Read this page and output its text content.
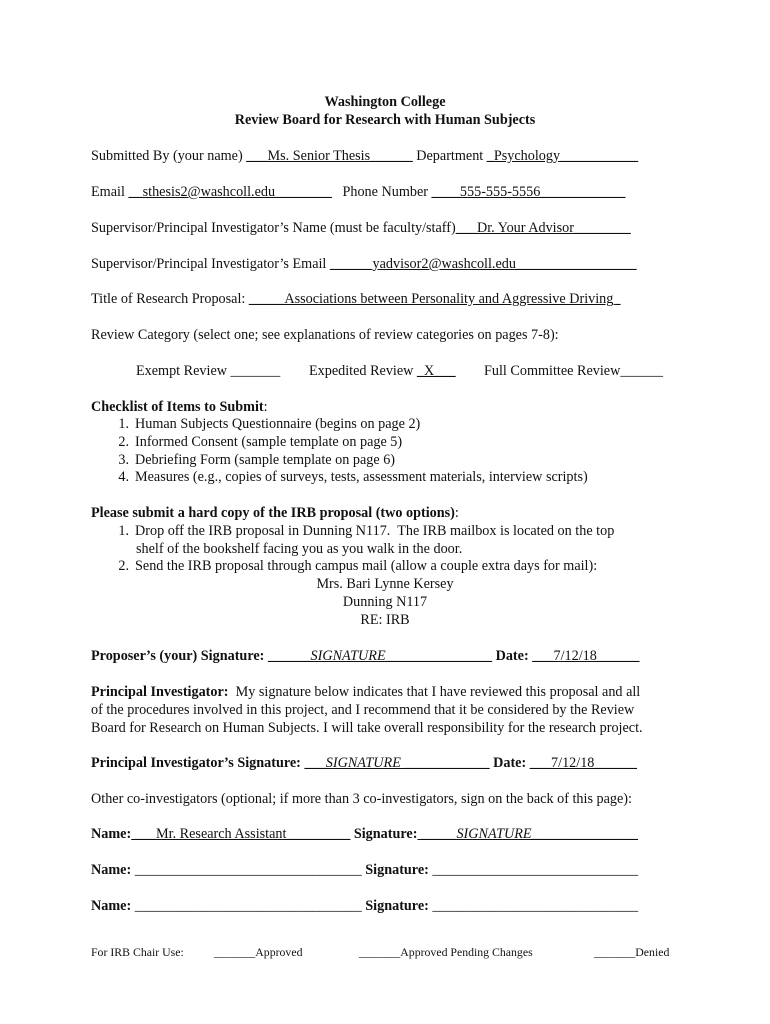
Washington College
Review Board for Research with Human Subjects
Submitted By (your name) ___Ms. Senior Thesis______ Department _Psychology___________
Email __sthesis2@washcoll.edu________   Phone Number ____555-555-5556____________
Supervisor/Principal Investigator’s Name (must be faculty/staff)___Dr. Your Advisor________
Supervisor/Principal Investigator’s Email ______yadvisor2@washcoll.edu_________________
Title of Research Proposal: _____Associations between Personality and Aggressive Driving_
Review Category (select one; see explanations of review categories on pages 7-8):
Exempt Review _______ Expedited Review _X___ Full Committee Review______
Checklist of Items to Submit:
1. Human Subjects Questionnaire (begins on page 2)
2. Informed Consent (sample template on page 5)
3. Debriefing Form (sample template on page 6)
4. Measures (e.g., copies of surveys, tests, assessment materials, interview scripts)
Please submit a hard copy of the IRB proposal (two options):
1. Drop off the IRB proposal in Dunning N117.  The IRB mailbox is located on the top
shelf of the bookshelf facing you as you walk in the door.
2. Send the IRB proposal through campus mail (allow a couple extra days for mail):
Mrs. Bari Lynne Kersey
Dunning N117
RE: IRB
Proposer’s (your) Signature: ______SIGNATURE_______________ Date: ___7/12/18______
Principal Investigator:  My signature below indicates that I have reviewed this proposal and all
of the procedures involved in this project, and I recommend that it be considered by the Review
Board for Research on Human Subjects. I will take overall responsibility for the research project.
Principal Investigator’s Signature: ___SIGNATURE ____________ Date: ___7/12/18______
Other co-investigators (optional; if more than 3 co-investigators, sign on the back of this page):
Name: ___Mr. Research Assistant_________ Signature: _____SIGNATURE_______________
Name: ________________________________ Signature: _____________________________
Name: ________________________________ Signature: _____________________________
For IRB Chair Use:	_______Approved	_______Approved Pending Changes	_______Denied
